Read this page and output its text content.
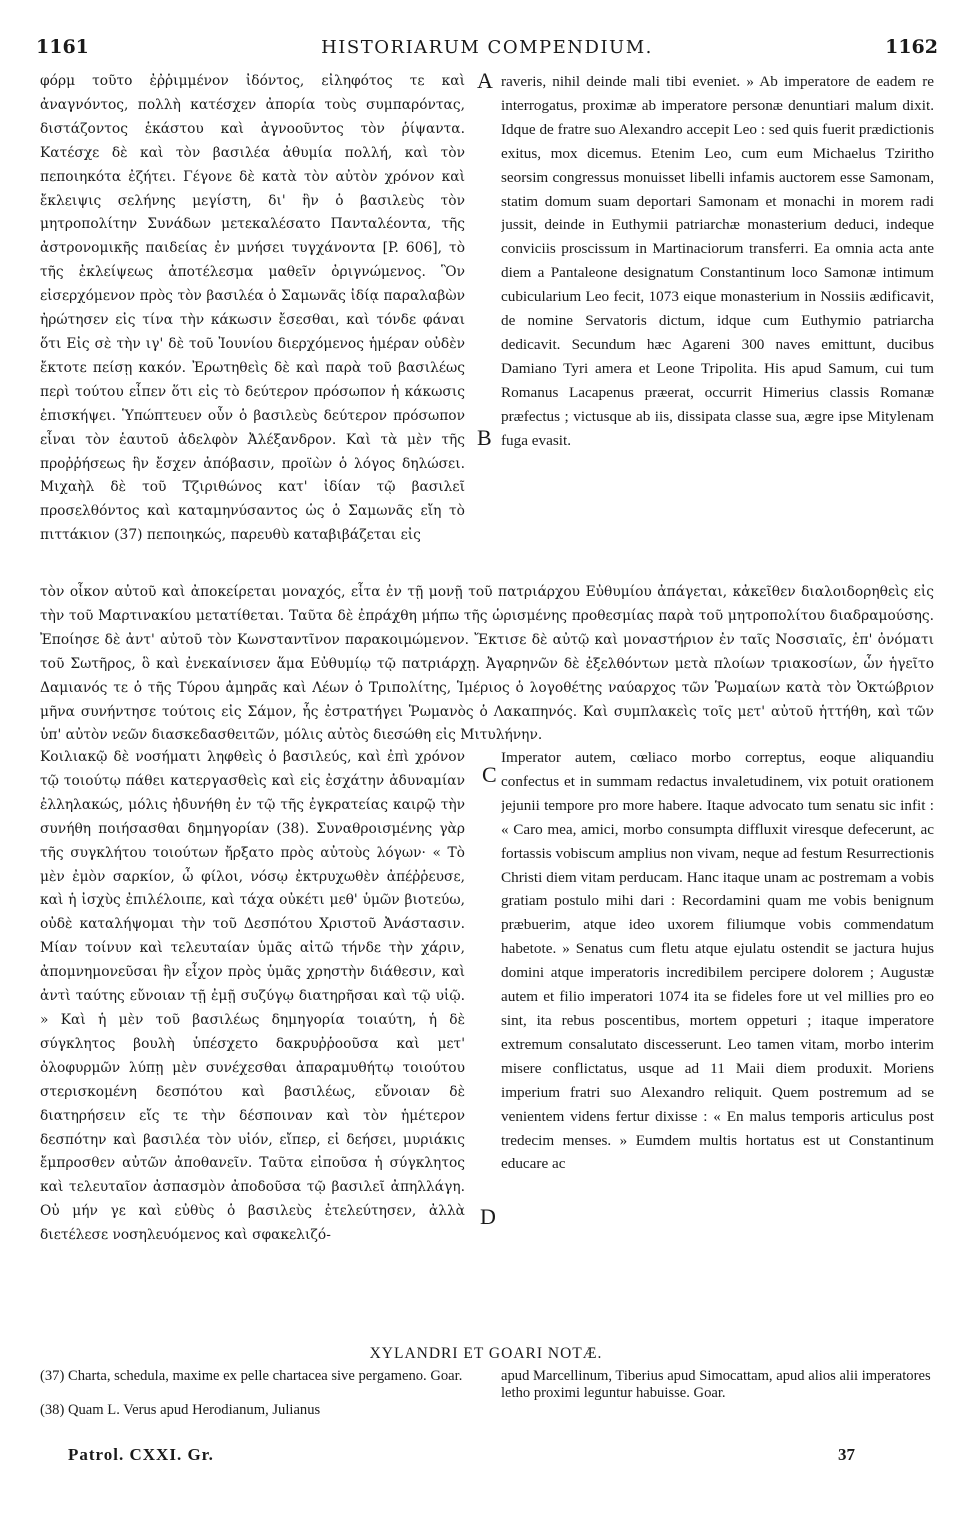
1161	HISTORIARUM COMPENDIUM.	1162
A
B
C
D
φόρμ τοῦτο ἐῤῥιμμένον ἰδόντος, εἰληφότος τε καὶ ἀναγνόντος, πολλὴ κατέσχεν ἀπορία τοὺς συμπαρόντας, διστάζοντος ἑκάστου καὶ ἀγνοοῦντος τὸν ῥίψαντα. Κατέσχε δὲ καὶ τὸν βασιλέα ἀθυμία πολλή, καὶ τὸν πεποιηκότα ἐζήτει. Γέγονε δὲ κατὰ τὸν αὐτὸν χρόνον καὶ ἔκλειψις σελήνης μεγίστη, δι' ἣν ὁ βασιλεὺς τὸν μητροπολίτην Συνάδων μετεκαλέσατο Πανταλέοντα, τῆς ἀστρονομικῆς παιδείας ἐν μνήσει τυγχάνοντα [P. 606], τὸ τῆς ἐκλείψεως ἀποτέλεσμα μαθεῖν ὀριγνώμενος. Ὃν εἰσερχόμενον πρὸς τὸν βασιλέα ὁ Σαμωνᾶς ἰδίᾳ παραλαβὼν ἠρώτησεν εἰς τίνα τὴν κάκωσιν ἔσεσθαι, καὶ τόνδε φάναι ὅτι Εἰς σὲ τὴν ιγ' δὲ τοῦ Ἰουνίου διερχόμενος ἡμέραν οὐδὲν ἔκτοτε πείσῃ κακόν. Ἐρωτηθεὶς δὲ καὶ παρὰ τοῦ βασιλέως περὶ τούτου εἶπεν ὅτι εἰς τὸ δεύτερον πρόσωπον ἡ κάκωσις ἐπισκήψει. Ὑπώπτευεν οὖν ὁ βασιλεὺς δεύτερον πρόσωπον εἶναι τὸν ἑαυτοῦ ἀδελφὸν Ἀλέξανδρον. Καὶ τὰ μὲν τῆς προῤῥήσεως ἣν ἔσχεν ἀπόβασιν, προϊὼν ὁ λόγος δηλώσει. Μιχαὴλ δὲ τοῦ Τζιριθώνος κατ' ἰδίαν τῷ βασιλεῖ προσελθόντος καὶ καταμηνύσαντος ὡς ὁ Σαμωνᾶς εἴη τὸ πιττάκιον (37) πεποιηκώς, παρευθὺ καταβιβάζεται εἰς
raveris, nihil deinde mali tibi eveniet. » Ab imperatore de eadem re interrogatus, proximæ ab imperatore personæ denuntiari malum dixit. Idque de fratre suo Alexandro accepit Leo : sed quis fuerit prædictionis exitus, mox dicemus. Etenim Leo, cum eum Michaelus Tziritho seorsim congressus monuisset libelli infamis auctorem esse Samonam, statim domum suam deportari Samonam et monachi in morem radi jussit, deinde in Euthymii patriarchæ monasterium deduci, indeque conviciis proscissum in Martinaciorum transferri. Ea omnia acta ante diem a Pantaleone designatum Constantinum loco Samonæ intimum cubicularium Leo fecit, 1073 eique monasterium in Nossiis ædificavit, de nomine Servatoris dictum, idque cum Euthymio patriarcha dedicavit. Secundum hæc Agareni 300 naves emittunt, ducibus Damiano Tyri amera et Leone Tripolita. His apud Samum, cui tum Romanus Lacapenus præerat, occurrit Himerius classis Romanæ præfectus ; victusque ab iis, dissipata classe sua, ægre ipse Mitylenam fuga evasit.
τὸν οἶκον αὐτοῦ καὶ ἀποκείρεται μοναχός, εἶτα ἐν τῇ μονῇ τοῦ πατριάρχου Εὐθυμίου ἀπάγεται, κἀκεῖθεν διαλοιδορηθεὶς εἰς τὴν τοῦ Μαρτινακίου μετατίθεται. Ταῦτα δὲ ἐπράχθη μήπω τῆς ὡρισμένης προθεσμίας παρὰ τοῦ μητροπολίτου διαδραμούσης. Ἐποίησε δὲ ἀντ' αὐτοῦ τὸν Κωνσταντῖνον παρακοιμώμενον. Ἔκτισε δὲ αὐτῷ καὶ μοναστήριον ἐν ταῖς Νοσσιαῖς, ἐπ' ὀνόματι τοῦ Σωτῆρος, ὃ καὶ ἐνεκαίνισεν ἅμα Εὐθυμίῳ τῷ πατριάρχῃ. Ἀγαρηνῶν δὲ ἐξελθόντων μετὰ πλοίων τριακοσίων, ὧν ἡγεῖτο Δαμιανός τε ὁ τῆς Τύρου ἀμηρᾶς καὶ Λέων ὁ Τριπολίτης, Ἱμέριος ὁ λογοθέτης ναύαρχος τῶν Ῥωμαίων κατὰ τὸν Ὀκτώβριον μῆνα συνήντησε τούτοις εἰς Σάμον, ἧς ἐστρατήγει Ῥωμανὸς ὁ Λακαπηνός. Καὶ συμπλακεὶς τοῖς μετ' αὐτοῦ ἡττήθη, καὶ τῶν ὑπ' αὐτὸν νεῶν διασκεδασθειτῶν, μόλις αὐτὸς διεσώθη εἰς Μιτυλήνην.
Κοιλιακῷ δὲ νοσήματι ληφθεὶς ὁ βασιλεύς, καὶ ἐπὶ χρόνον τῷ τοιούτῳ πάθει κατεργασθεὶς καὶ εἰς ἐσχάτην ἀδυναμίαν ἐλληλακώς, μόλις ἠδυνήθη ἐν τῷ τῆς ἐγκρατείας καιρῷ τὴν συνήθη ποιήσασθαι δημηγορίαν (38). Συναθροισμένης γὰρ τῆς συγκλήτου τοιούτων ἤρξατο πρὸς αὐτοὺς λόγων· « Τὸ μὲν ἐμὸν σαρκίον, ὦ φίλοι, νόσῳ ἐκτρυχωθὲν ἀπέῤῥευσε, καὶ ἡ ἰσχὺς ἐπιλέλοιπε, καὶ τάχα οὐκέτι μεθ' ὑμῶν βιοτεύω, οὐδὲ καταλήψομαι τὴν τοῦ Δεσπότου Χριστοῦ Ἀνάστασιν. Μίαν τοίνυν καὶ τελευταίαν ὑμᾶς αἰτῶ τήνδε τὴν χάριν, ἀπομνημονεῦσαι ἣν εἶχον πρὸς ὑμᾶς χρηστὴν διάθεσιν, καὶ ἀντὶ ταύτης εὔνοιαν τῇ ἐμῇ συζύγῳ διατηρῆσαι καὶ τῷ υἱῷ. » Καὶ ἡ μὲν τοῦ βασιλέως δημηγορία τοιαύτη, ἡ δὲ σύγκλητος βουλὴ ὑπέσχετο δακρυῤῥοοῦσα καὶ μετ' ὀλοφυρμῶν λύπῃ μὲν συνέχεσθαι ἀπαραμυθήτῳ τοιούτου στερισκομένη δεσπότου καὶ βασιλέως, εὔνοιαν δὲ διατηρήσειν εἴς τε τὴν δέσποιναν καὶ τὸν ἡμέτερον δεσπότην καὶ βασιλέα τὸν υἱόν, εἴπερ, εἰ δεήσει, μυριάκις ἔμπροσθεν αὐτῶν ἀποθανεῖν. Ταῦτα εἰποῦσα ἡ σύγκλητος καὶ τελευταῖον ἀσπασμὸν ἀποδοῦσα τῷ βασιλεῖ ἀπηλλάγη. Οὐ μήν γε καὶ εὐθὺς ὁ βασιλεὺς ἐτελεύτησεν, ἀλλὰ διετέλεσε νοσηλευόμενος καὶ σφακελιζό-
Imperator autem, cœliaco morbo correptus, eoque aliquandiu confectus et in summam redactus invaletudinem, vix potuit orationem jejunii tempore pro more habere. Itaque advocato tum senatu sic infit : « Caro mea, amici, morbo consumpta diffluxit viresque defecerunt, ac fortassis vobiscum amplius non vivam, neque ad festum Resurrectionis Christi diem vitam perducam. Hanc itaque unam ac postremam a vobis gratiam postulo mihi dari : Recordamini quam me vobis benignum præbuerim, atque ideo uxorem filiumque vobis commendatum habetote. » Senatus cum fletu atque ejulatu ostendit se jactura hujus domini atque imperatoris incredibilem percipere dolorem ; Augustæ autem et filio imperatori 1074 ita se fideles fore ut vel millies pro eo sint, ita rebus poscentibus, mortem oppeturi ; itaque imperatore extremum consalutato discesserunt. Leo tamen vitam, morbo interim misere conflictatus, usque ad 11 Maii diem produxit. Moriens imperium fratri suo Alexandro reliquit. Quem postremum ad se venientem videns fertur dixisse : « En malus temporis articulus post tredecim menses. » Eumdem multis hortatus est ut Constantinum educare ac
XYLANDRI ET GOARI NOTÆ.
(37) Charta, schedula, maxime ex pelle chartacea sive pergameno. Goar.
(38) Quam L. Verus apud Herodianum, Julianus
apud Marcellinum, Tiberius apud Simocattam, apud alios alii imperatores letho proximi leguntur habuisse. Goar.
Patrol. CXXI. Gr.	37
